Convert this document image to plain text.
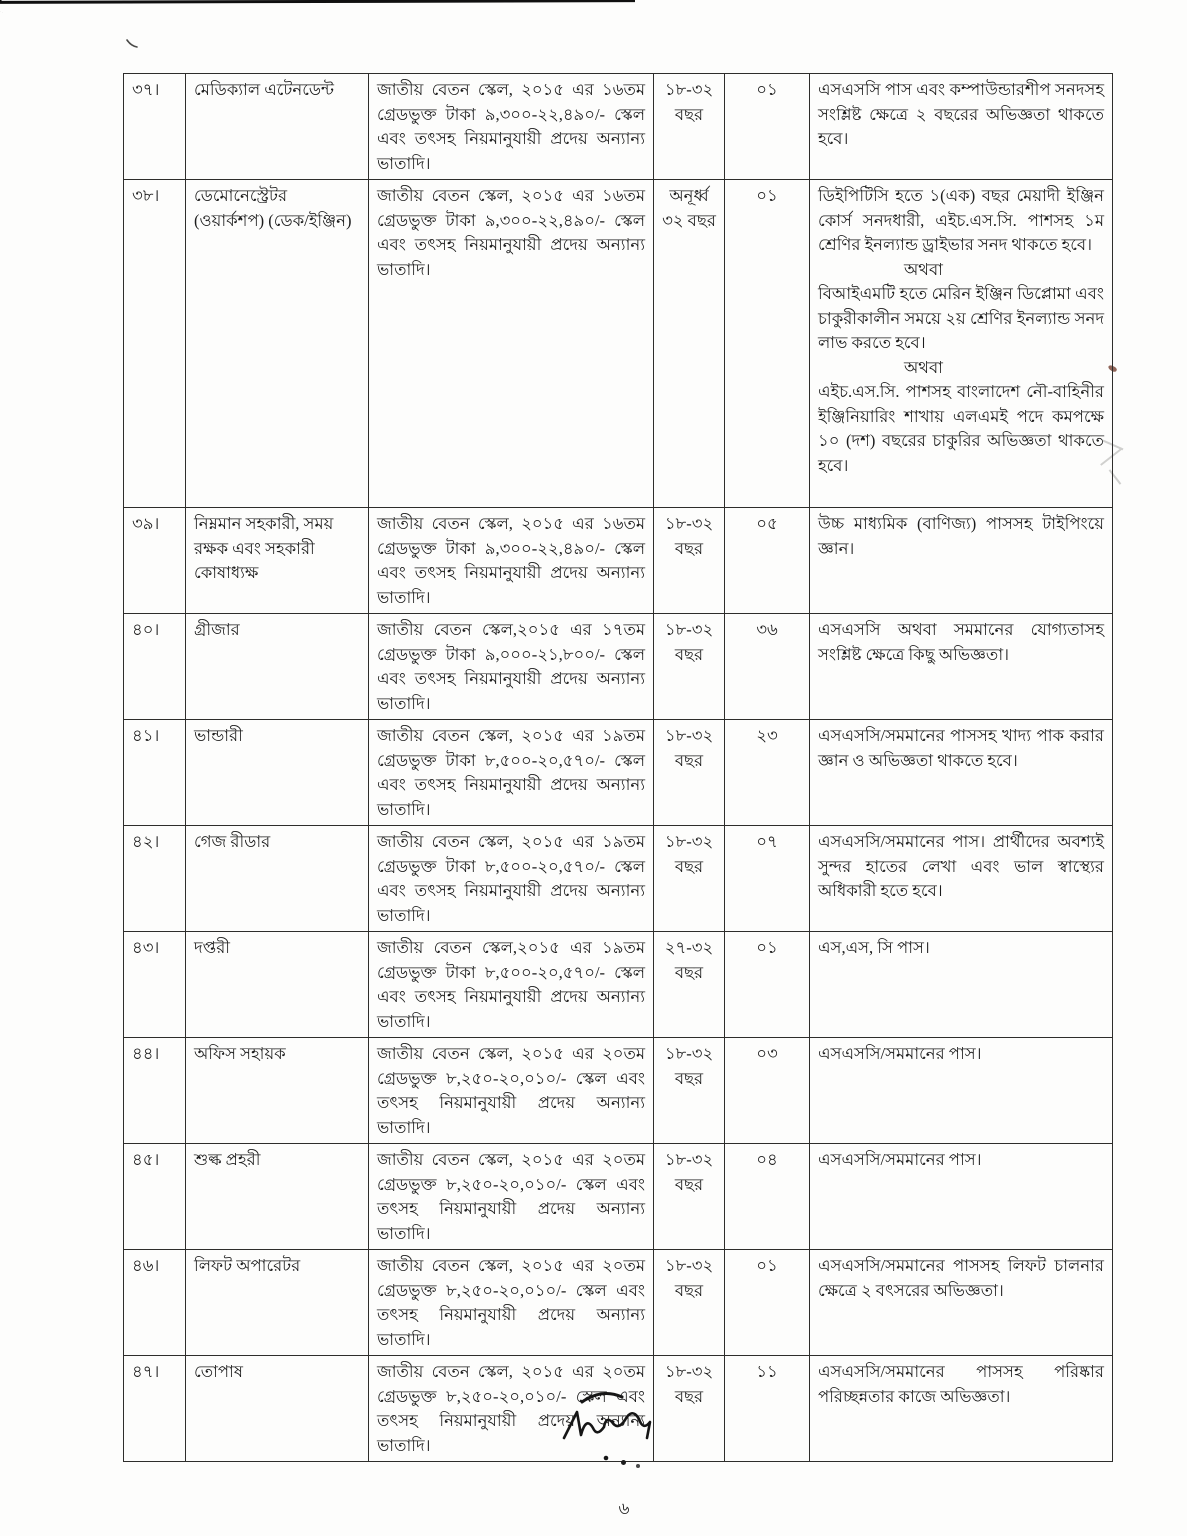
৩৭।	মেডিক্যাল এটেনডেন্ট	জাতীয় বেতন স্কেল, ২০১৫ এর ১৬তম গ্রেডভুক্ত টাকা ৯,৩০০-২২,৪৯০/- স্কেল এবং তৎসহ নিয়মানুযায়ী প্রদেয় অন্যান্য ভাতাদি।	১৮-৩২ বছর	০১	এসএসসি পাস এবং কম্পাউন্ডারশীপ সনদসহ সংশ্লিষ্ট ক্ষেত্রে ২ বছরের অভিজ্ঞতা থাকতে হবে।

৩৮।	ডেমোনেস্ট্রেটর (ওয়ার্কশপ) (ডেক/ইঞ্জিন)	জাতীয় বেতন স্কেল, ২০১৫ এর ১৬তম গ্রেডভুক্ত টাকা ৯,৩০০-২২,৪৯০/- স্কেল এবং তৎসহ নিয়মানুযায়ী প্রদেয় অন্যান্য ভাতাদি।	অনূর্ধ্ব ৩২ বছর	০১	ডিইপিটিসি হতে ১(এক) বছর মেয়াদী ইঞ্জিন কোর্স সনদধারী, এইচ.এস.সি. পাশসহ ১ম শ্রেণির ইনল্যান্ড ড্রাইভার সনদ থাকতে হবে।
অথবা
বিআইএমটি হতে মেরিন ইঞ্জিন ডিপ্লোমা এবং চাকুরীকালীন সময়ে ২য় শ্রেণির ইনল্যান্ড সনদ লাভ করতে হবে।
অথবা
এইচ.এস.সি. পাশসহ বাংলাদেশ নৌ-বাহিনীর ইঞ্জিনিয়ারিং শাখায় এলএমই পদে কমপক্ষে ১০ (দশ) বছরের চাকুরির অভিজ্ঞতা থাকতে হবে।

৩৯।	নিম্নমান সহকারী, সময় রক্ষক এবং সহকারী কোষাধ্যক্ষ	জাতীয় বেতন স্কেল, ২০১৫ এর ১৬তম গ্রেডভুক্ত টাকা ৯,৩০০-২২,৪৯০/- স্কেল এবং তৎসহ নিয়মানুযায়ী প্রদেয় অন্যান্য ভাতাদি।	১৮-৩২ বছর	০৫	উচ্চ মাধ্যমিক (বাণিজ্য) পাসসহ টাইপিংয়ে জ্ঞান।

৪০।	গ্রীজার	জাতীয় বেতন স্কেল,২০১৫ এর ১৭তম গ্রেডভুক্ত টাকা ৯,০০০-২১,৮০০/- স্কেল এবং তৎসহ নিয়মানুযায়ী প্রদেয় অন্যান্য ভাতাদি।	১৮-৩২ বছর	৩৬	এসএসসি অথবা সমমানের যোগ্যতাসহ সংশ্লিষ্ট ক্ষেত্রে কিছু অভিজ্ঞতা।

৪১।	ভান্ডারী	জাতীয় বেতন স্কেল, ২০১৫ এর ১৯তম গ্রেডভুক্ত টাকা ৮,৫০০-২০,৫৭০/- স্কেল এবং তৎসহ নিয়মানুযায়ী প্রদেয় অন্যান্য ভাতাদি।	১৮-৩২ বছর	২৩	এসএসসি/সমমানের পাসসহ খাদ্য পাক করার জ্ঞান ও অভিজ্ঞতা থাকতে হবে।

৪২।	গেজ রীডার	জাতীয় বেতন স্কেল, ২০১৫ এর ১৯তম গ্রেডভুক্ত টাকা ৮,৫০০-২০,৫৭০/- স্কেল এবং তৎসহ নিয়মানুযায়ী প্রদেয় অন্যান্য ভাতাদি।	১৮-৩২ বছর	০৭	এসএসসি/সমমানের পাস। প্রার্থীদের অবশ্যই সুন্দর হাতের লেখা এবং ভাল স্বাস্থ্যের অধিকারী হতে হবে।

৪৩।	দপ্তরী	জাতীয় বেতন স্কেল,২০১৫ এর ১৯তম গ্রেডভুক্ত টাকা ৮,৫০০-২০,৫৭০/- স্কেল এবং তৎসহ নিয়মানুযায়ী প্রদেয় অন্যান্য ভাতাদি।	২৭-৩২ বছর	০১	এস,এস, সি পাস।

৪৪।	অফিস সহায়ক	জাতীয় বেতন স্কেল, ২০১৫ এর ২০তম গ্রেডভুক্ত ৮,২৫০-২০,০১০/- স্কেল এবং তৎসহ নিয়মানুযায়ী প্রদেয় অন্যান্য ভাতাদি।	১৮-৩২ বছর	০৩	এসএসসি/সমমানের পাস।

৪৫।	শুল্ক প্রহরী	জাতীয় বেতন স্কেল, ২০১৫ এর ২০তম গ্রেডভুক্ত ৮,২৫০-২০,০১০/- স্কেল এবং তৎসহ নিয়মানুযায়ী প্রদেয় অন্যান্য ভাতাদি।	১৮-৩২ বছর	০৪	এসএসসি/সমমানের পাস।

৪৬।	লিফট অপারেটর	জাতীয় বেতন স্কেল, ২০১৫ এর ২০তম গ্রেডভুক্ত ৮,২৫০-২০,০১০/- স্কেল এবং তৎসহ নিয়মানুযায়ী প্রদেয় অন্যান্য ভাতাদি।	১৮-৩২ বছর	০১	এসএসসি/সমমানের পাসসহ লিফট চালনার ক্ষেত্রে ২ বৎসরের অভিজ্ঞতা।

৪৭।	তোপাষ	জাতীয় বেতন স্কেল, ২০১৫ এর ২০তম গ্রেডভুক্ত ৮,২৫০-২০,০১০/- স্কেল এবং তৎসহ নিয়মানুযায়ী প্রদেয় অন্যান্য ভাতাদি।	১৮-৩২ বছর	১১	এসএসসি/সমমানের পাসসহ পরিষ্কার পরিচ্ছন্নতার কাজে অভিজ্ঞতা।
৬
